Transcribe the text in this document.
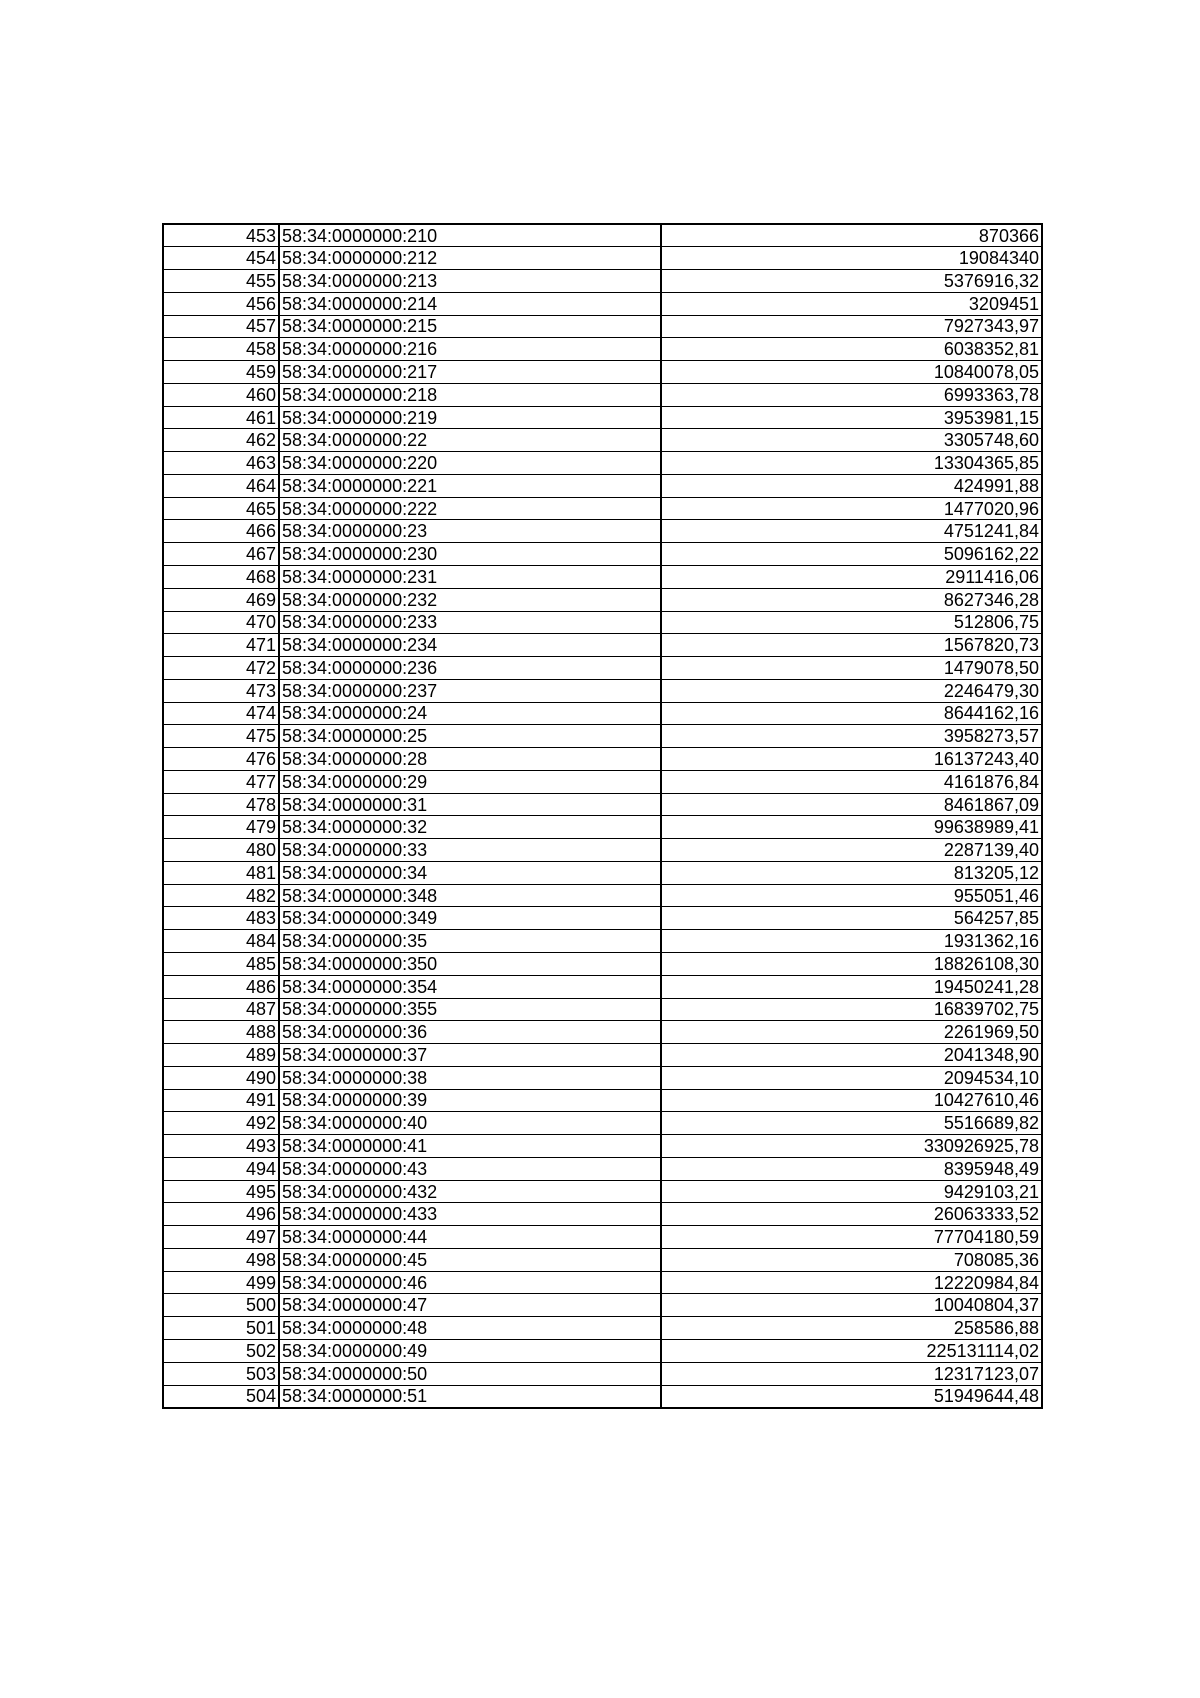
453	58:34:0000000:210	870366
454	58:34:0000000:212	19084340
455	58:34:0000000:213	5376916,32
456	58:34:0000000:214	3209451
457	58:34:0000000:215	7927343,97
458	58:34:0000000:216	6038352,81
459	58:34:0000000:217	10840078,05
460	58:34:0000000:218	6993363,78
461	58:34:0000000:219	3953981,15
462	58:34:0000000:22	3305748,60
463	58:34:0000000:220	13304365,85
464	58:34:0000000:221	424991,88
465	58:34:0000000:222	1477020,96
466	58:34:0000000:23	4751241,84
467	58:34:0000000:230	5096162,22
468	58:34:0000000:231	2911416,06
469	58:34:0000000:232	8627346,28
470	58:34:0000000:233	512806,75
471	58:34:0000000:234	1567820,73
472	58:34:0000000:236	1479078,50
473	58:34:0000000:237	2246479,30
474	58:34:0000000:24	8644162,16
475	58:34:0000000:25	3958273,57
476	58:34:0000000:28	16137243,40
477	58:34:0000000:29	4161876,84
478	58:34:0000000:31	8461867,09
479	58:34:0000000:32	99638989,41
480	58:34:0000000:33	2287139,40
481	58:34:0000000:34	813205,12
482	58:34:0000000:348	955051,46
483	58:34:0000000:349	564257,85
484	58:34:0000000:35	1931362,16
485	58:34:0000000:350	18826108,30
486	58:34:0000000:354	19450241,28
487	58:34:0000000:355	16839702,75
488	58:34:0000000:36	2261969,50
489	58:34:0000000:37	2041348,90
490	58:34:0000000:38	2094534,10
491	58:34:0000000:39	10427610,46
492	58:34:0000000:40	5516689,82
493	58:34:0000000:41	330926925,78
494	58:34:0000000:43	8395948,49
495	58:34:0000000:432	9429103,21
496	58:34:0000000:433	26063333,52
497	58:34:0000000:44	77704180,59
498	58:34:0000000:45	708085,36
499	58:34:0000000:46	12220984,84
500	58:34:0000000:47	10040804,37
501	58:34:0000000:48	258586,88
502	58:34:0000000:49	225131114,02
503	58:34:0000000:50	12317123,07
504	58:34:0000000:51	51949644,48
